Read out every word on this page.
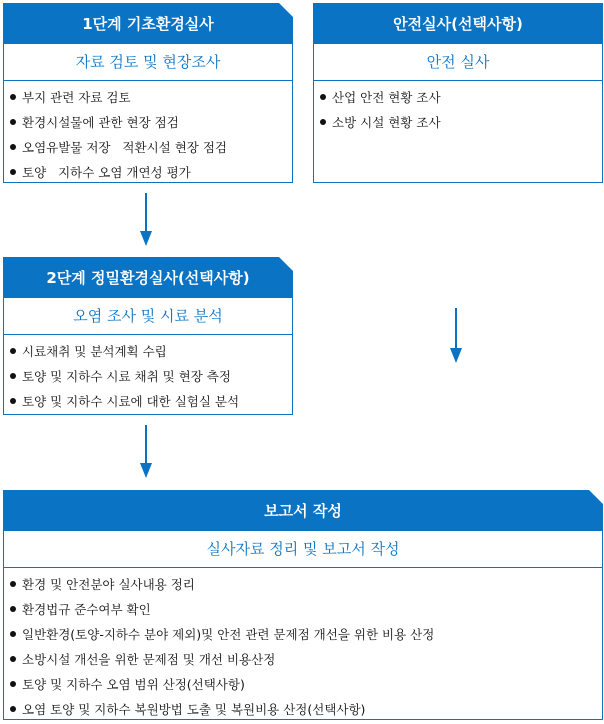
1단계 기초환경실사
자료 검토 및 현장조사
부지 관련 자료 검토
환경시설물에 관한 현장 점검
오염유발물 저장   적환시설 현장 점검
토양   지하수 오염 개연성 평가
안전실사(선택사항)
안전 실사
산업 안전 현황 조사
소방 시설 현황 조사
2단계 정밀환경실사(선택사항)
오염 조사 및 시료 분석
시료채취 및 분석계획 수립
토양 및 지하수 시료 채취 및 현장 측정
토양 및 지하수 시료에 대한 실험실 분석
보고서 작성
실사자료 정리 및 보고서 작성
환경 및 안전분야 실사내용 정리
환경법규 준수여부 확인
일반환경(토양-지하수 분야 제외)및 안전 관련 문제점 개선을 위한 비용 산정
소방시설 개선을 위한 문제점 및 개선 비용산정
토양 및 지하수 오염 범위 산정(선택사항)
오염 토양 및 지하수 복원방법 도출 및 복원비용 산정(선택사항)
